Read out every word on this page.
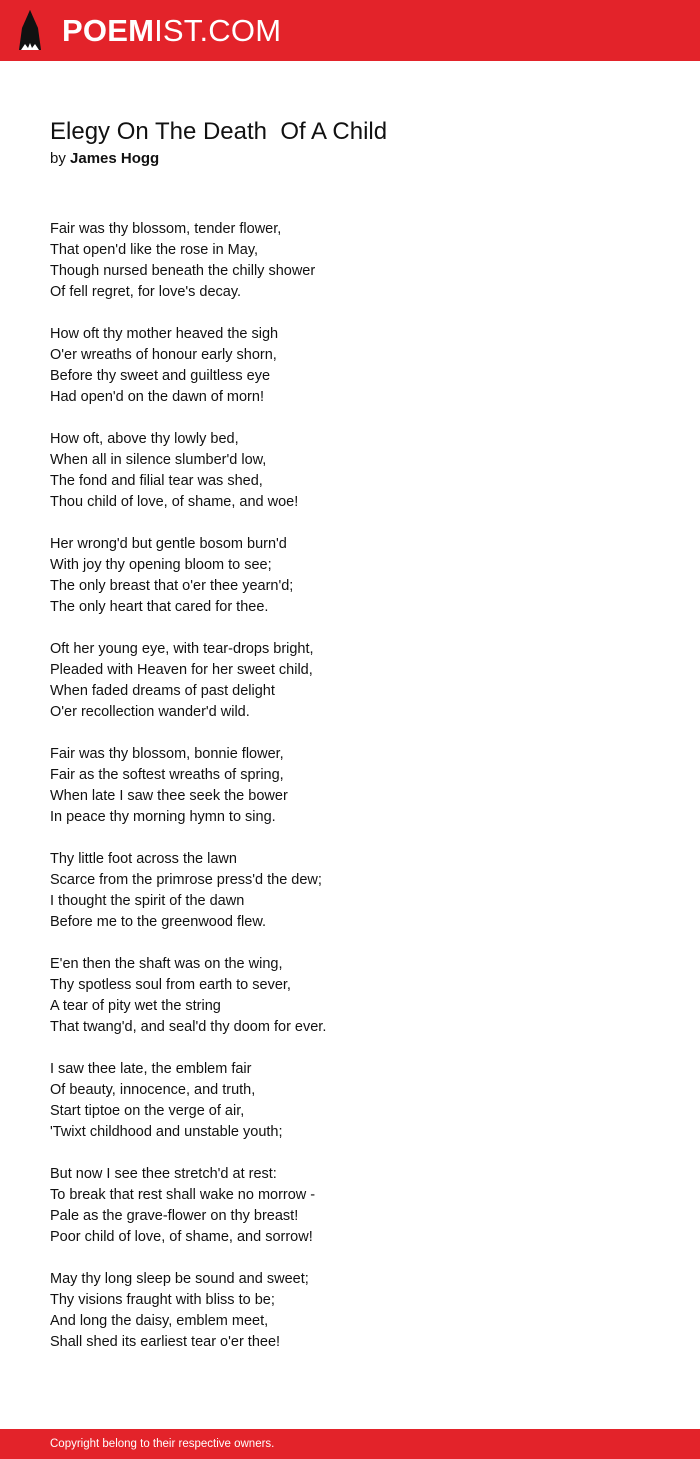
POEMIST.COM
Elegy On The Death  Of A Child
by James Hogg
Fair was thy blossom, tender flower,
That open'd like the rose in May,
Though nursed beneath the chilly shower
Of fell regret, for love's decay.
How oft thy mother heaved the sigh
O'er wreaths of honour early shorn,
Before thy sweet and guiltless eye
Had open'd on the dawn of morn!
How oft, above thy lowly bed,
When all in silence slumber'd low,
The fond and filial tear was shed,
Thou child of love, of shame, and woe!
Her wrong'd but gentle bosom burn'd
With joy thy opening bloom to see;
The only breast that o'er thee yearn'd;
The only heart that cared for thee.
Oft her young eye, with tear-drops bright,
Pleaded with Heaven for her sweet child,
When faded dreams of past delight
O'er recollection wander'd wild.
Fair was thy blossom, bonnie flower,
Fair as the softest wreaths of spring,
When late I saw thee seek the bower
In peace thy morning hymn to sing.
Thy little foot across the lawn
Scarce from the primrose press'd the dew;
I thought the spirit of the dawn
Before me to the greenwood flew.
E'en then the shaft was on the wing,
Thy spotless soul from earth to sever,
A tear of pity wet the string
That twang'd, and seal'd thy doom for ever.
I saw thee late, the emblem fair
Of beauty, innocence, and truth,
Start tiptoe on the verge of air,
'Twixt childhood and unstable youth;
But now I see thee stretch'd at rest:
To break that rest shall wake no morrow -
Pale as the grave-flower on thy breast!
Poor child of love, of shame, and sorrow!
May thy long sleep be sound and sweet;
Thy visions fraught with bliss to be;
And long the daisy, emblem meet,
Shall shed its earliest tear o'er thee!
Copyright belong to their respective owners.
